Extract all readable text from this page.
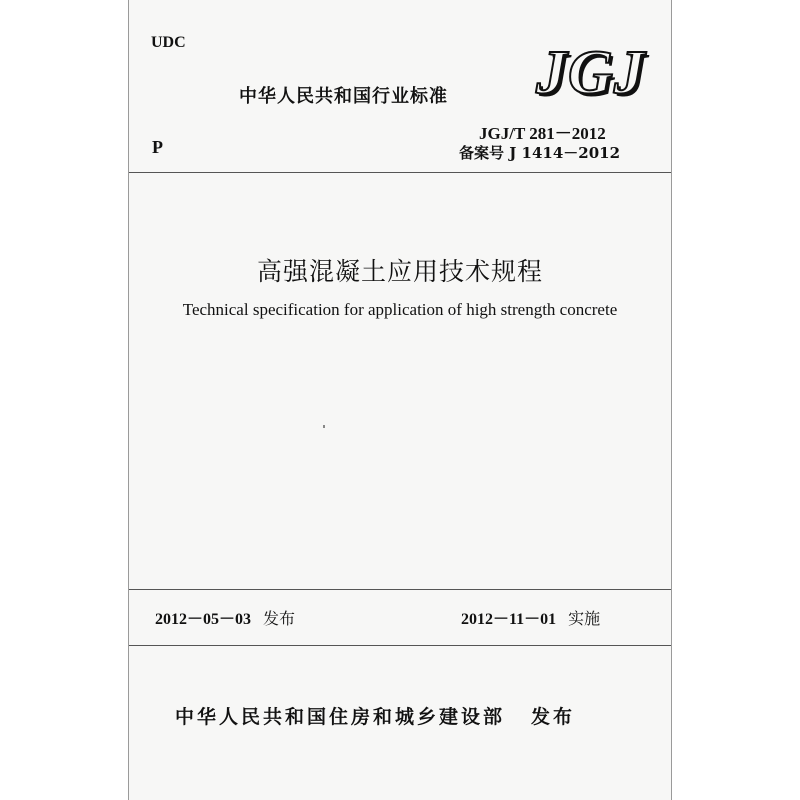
UDC
中华人民共和国行业标准 JGJ
P
JGJ/T 281－2012
备案号 J 1414－2012
高强混凝土应用技术规程
Technical specification for application of high strength concrete
2012－05－03 发布	2012－11－01 实施
中华人民共和国住房和城乡建设部 发布
